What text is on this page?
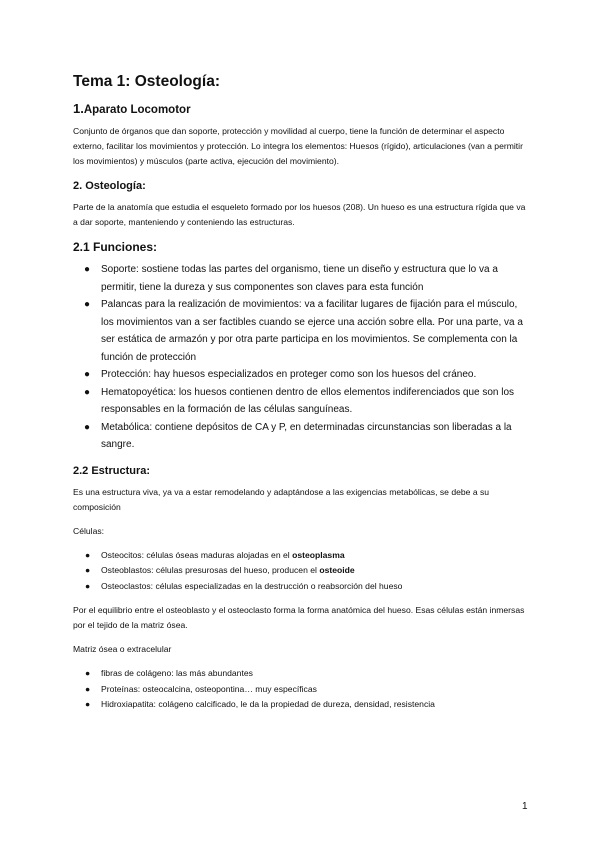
Tema 1: Osteología:
1.Aparato Locomotor

Conjunto de órganos que dan soporte, protección y movilidad al cuerpo, tiene la función de determinar el aspecto externo, facilitar los movimientos y protección. Lo integra los elementos: Huesos (rígido), articulaciones (van a permitir los movimientos) y músculos (parte activa, ejecución del movimiento).

2. Osteología:

Parte de la anatomía que estudia el esqueleto formado por los huesos (208). Un hueso es una estructura rígida que va a dar soporte, manteniendo y conteniendo las estructuras.

2.1 Funciones:
● Soporte: sostiene todas las partes del organismo, tiene un diseño y estructura que lo va a permitir, tiene la dureza y sus componentes son claves para esta función
● Palancas para la realización de movimientos: va a facilitar lugares de fijación para el músculo, los movimientos van a ser factibles cuando se ejerce una acción sobre ella. Por una parte, va a ser estática de armazón y por otra parte participa en los movimientos. Se complementa con la función de protección
● Protección: hay huesos especializados en proteger como son los huesos del cráneo.
● Hematopoyética: los huesos contienen dentro de ellos elementos indiferenciados que son los responsables en la formación de las células sanguíneas.
● Metabólica: contiene depósitos de CA y P, en determinadas circunstancias son liberadas a la sangre.
2.2 Estructura:

Es una estructura viva, ya va a estar remodelando y adaptándose a las exigencias metabólicas, se debe a su composición

Células:

● Osteocitos: células óseas maduras alojadas en el osteoplasma
● Osteoblastos: células presurosas del hueso, producen el osteoide
● Osteoclastos: células especializadas en la destrucción o reabsorción del hueso

Por el equilibrio entre el osteoblasto y el osteoclasto forma la forma anatómica del hueso. Esas células están inmersas por el tejido de la matriz ósea.

Matriz ósea o extracelular

● fibras de colágeno: las más abundantes
● Proteínas: osteocalcina, osteopontina… muy específicas
● Hidroxiapatita: colágeno calcificado, le da la propiedad de dureza, densidad, resistencia
1
